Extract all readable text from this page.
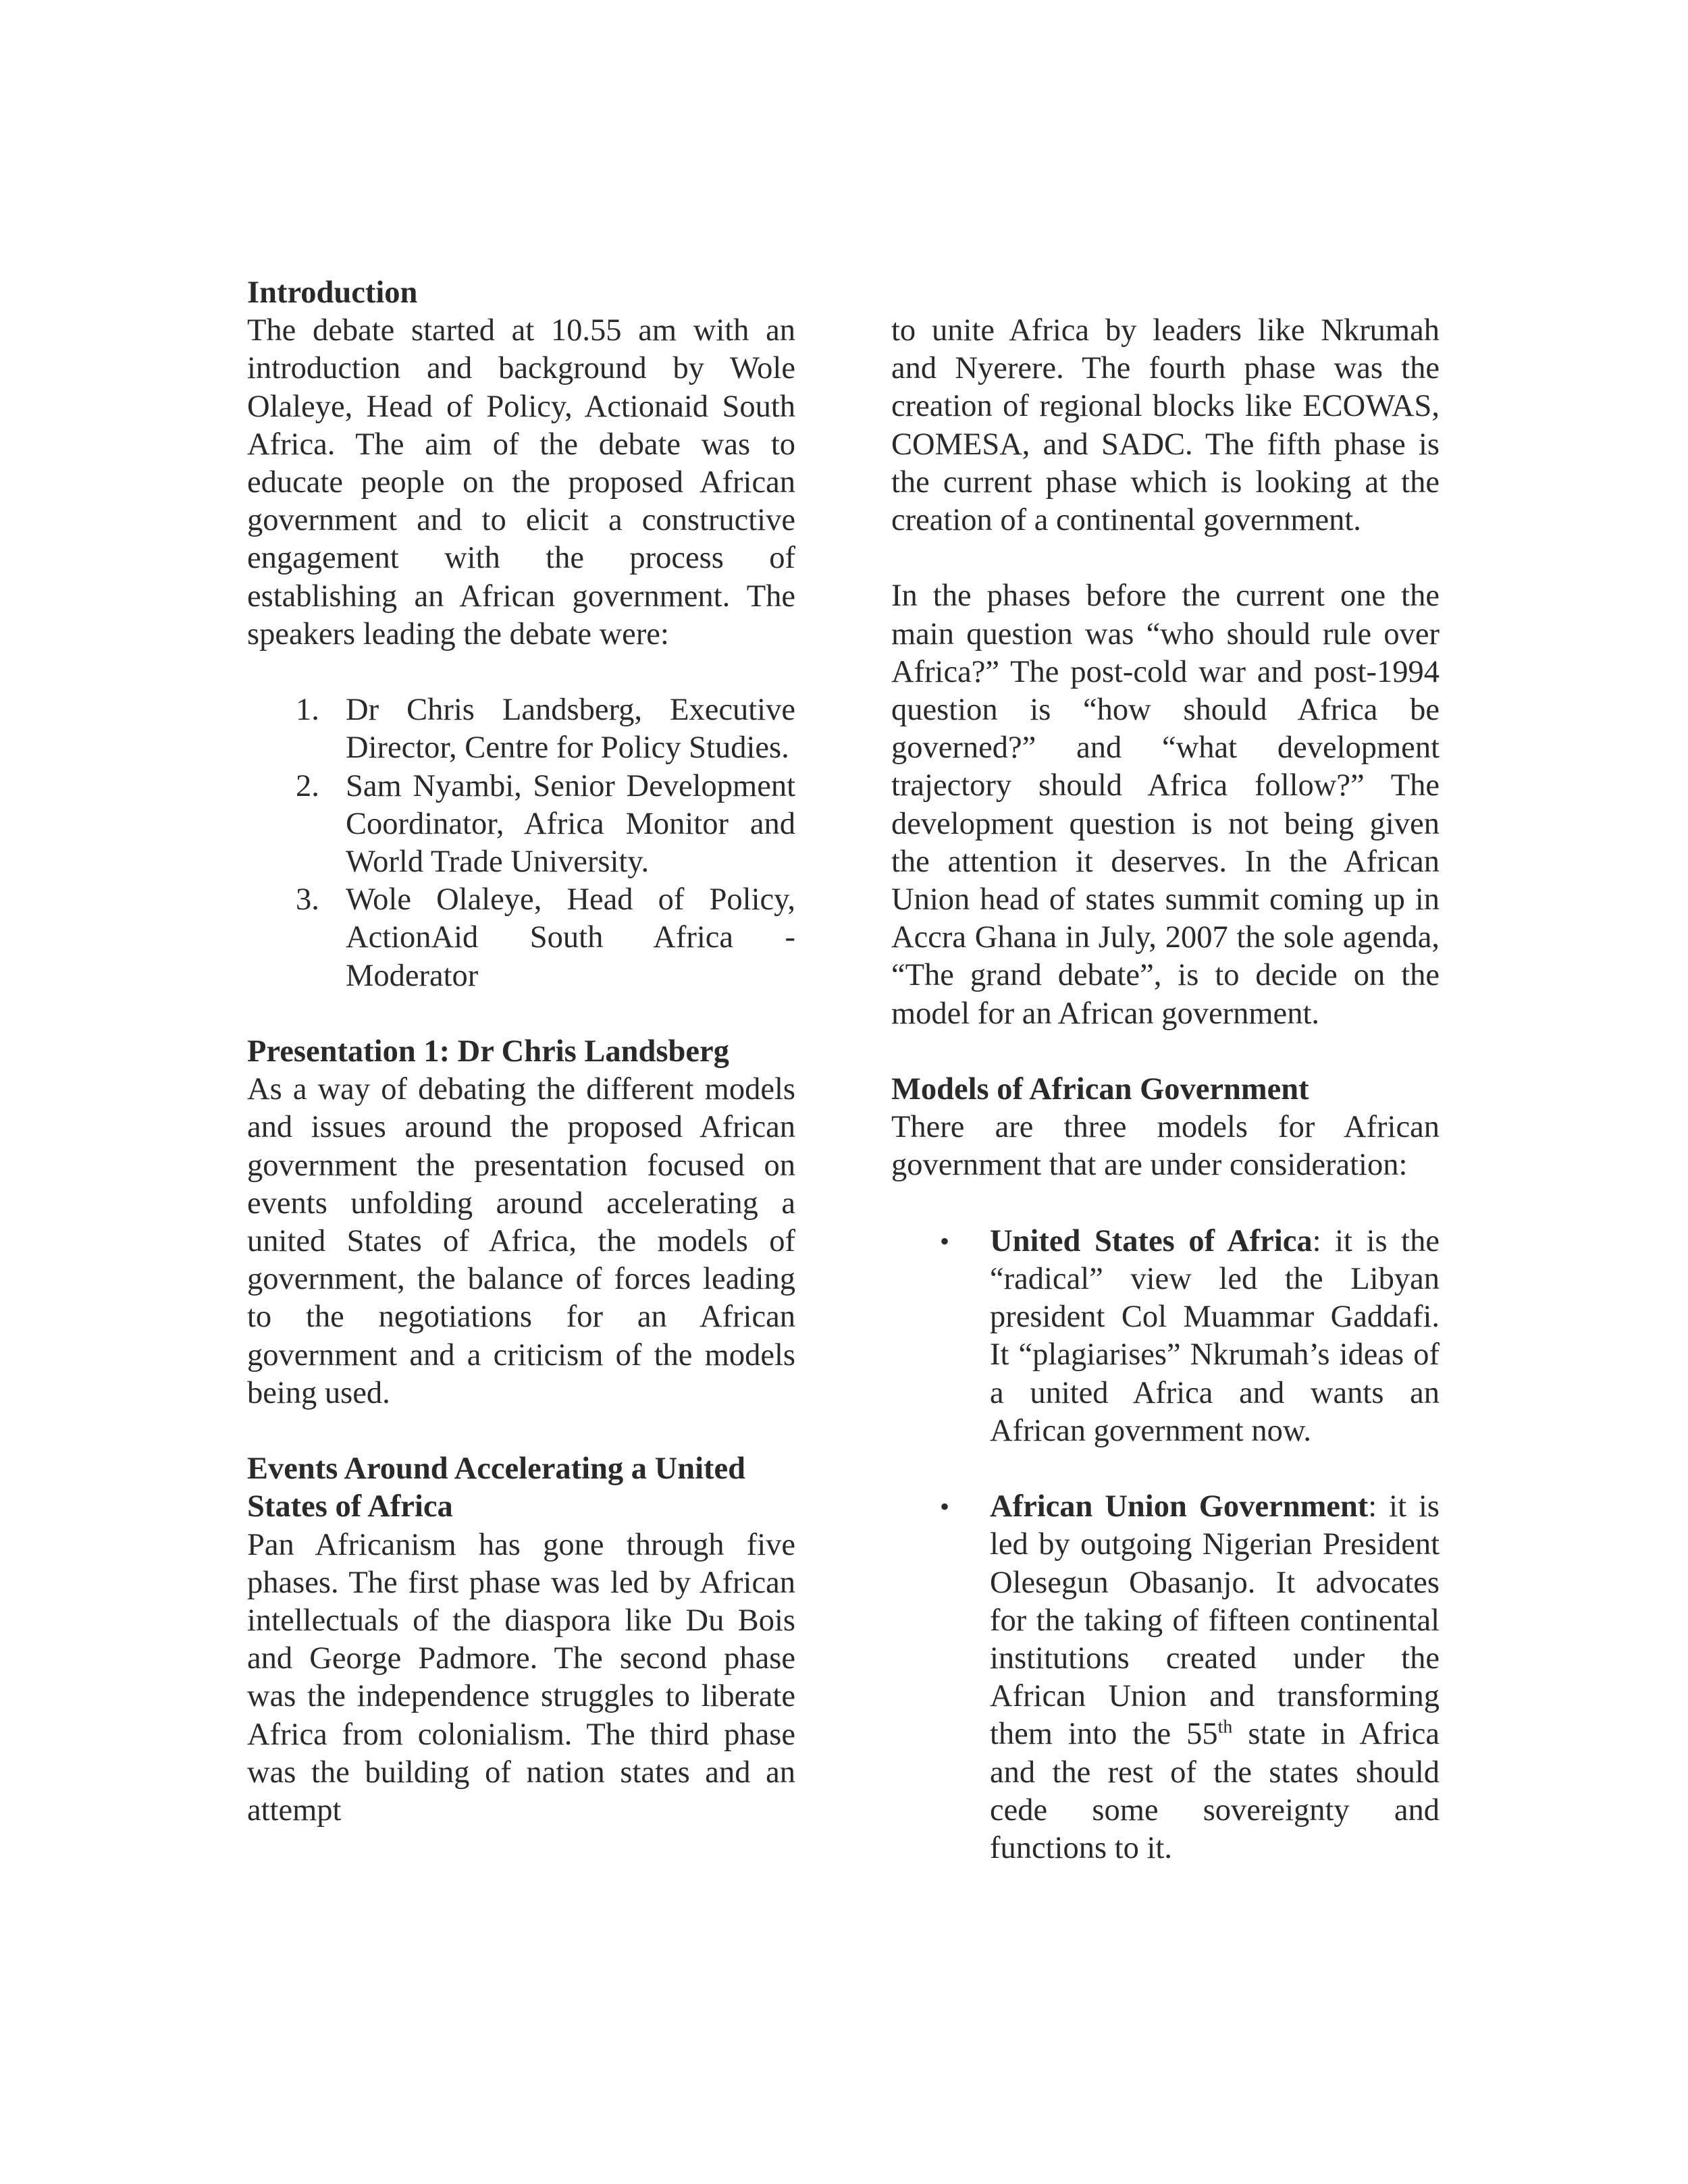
Introduction

The debate started at 10.55 am with an introduction and background by Wole Olaleye, Head of Policy, Actionaid South Africa. The aim of the debate was to educate people on the proposed African government and to elicit a constructive engagement with the process of establishing an African government. The speakers leading the debate were:

1. Dr Chris Landsberg, Executive Director, Centre for Policy Studies.
2. Sam Nyambi, Senior Development Coordinator, Africa Monitor and World Trade University.
3. Wole Olaleye, Head of Policy, ActionAid South Africa - Moderator
Presentation 1: Dr Chris Landsberg

As a way of debating the different models and issues around the proposed African government the presentation focused on events unfolding around accelerating a united States of Africa, the models of government, the balance of forces leading to the negotiations for an African government and a criticism of the models being used.

Events Around Accelerating a United States of Africa

Pan Africanism has gone through five phases. The first phase was led by African intellectuals of the diaspora like Du Bois and George Padmore. The second phase was the independence struggles to liberate Africa from colonialism. The third phase was the building of nation states and an attempt

to unite Africa by leaders like Nkrumah and Nyerere. The fourth phase was the creation of regional blocks like ECOWAS, COMESA, and SADC. The fifth phase is the current phase which is looking at the creation of a continental government.

In the phases before the current one the main question was “who should rule over Africa?” The post-cold war and post-1994 question is “how should Africa be governed?” and “what development trajectory should Africa follow?” The development question is not being given the attention it deserves. In the African Union head of states summit coming up in Accra Ghana in July, 2007 the sole agenda, “The grand debate”, is to decide on the model for an African government.

Models of African Government

There are three models for African government that are under consideration:

• United States of Africa: it is the “radical” view led the Libyan president Col Muammar Gaddafi. It “plagiarises” Nkrumah’s ideas of a united Africa and wants an African government now.
• African Union Government: it is led by outgoing Nigerian President Olesegun Obasanjo. It advocates for the taking of fifteen continental institutions created under the African Union and transforming them into the 55th state in Africa and the rest of the states should cede some sovereignty and functions to it.
